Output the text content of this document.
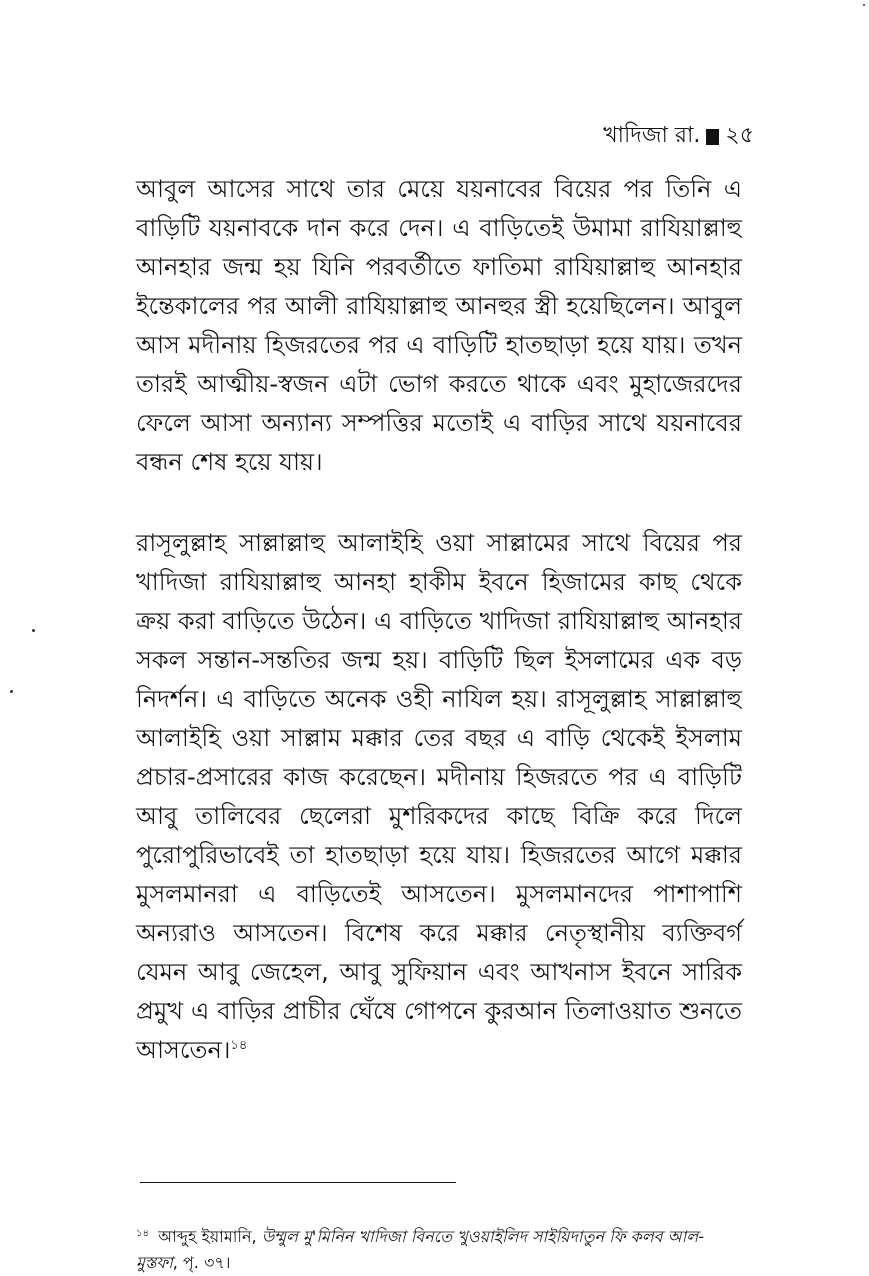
খাদিজা রা. ২৫

আবুল আসের সাথে তার মেয়ে যয়নাবের বিয়ের পর তিনি এ বাড়িটি যয়নাবকে দান করে দেন। এ বাড়িতেই উমামা রাযিয়াল্লাহু আনহার জন্ম হয় যিনি পরবর্তীতে ফাতিমা রাযিয়াল্লাহু আনহার ইন্তেকালের পর আলী রাযিয়াল্লাহু আনহুর স্ত্রী হয়েছিলেন। আবুল আস মদীনায় হিজরতের পর এ বাড়িটি হাতছাড়া হয়ে যায়। তখন তারই আত্মীয়-স্বজন এটা ভোগ করতে থাকে এবং মুহাজেরদের ফেলে আসা অন্যান্য সম্পত্তির মতোই এ বাড়ির সাথে যয়নাবের বন্ধন শেষ হয়ে যায়।

রাসূলুল্লাহ সাল্লাল্লাহু আলাইহি ওয়া সাল্লামের সাথে বিয়ের পর খাদিজা রাযিয়াল্লাহু আনহা হাকীম ইবনে হিজামের কাছ থেকে ক্রয় করা বাড়িতে উঠেন। এ বাড়িতে খাদিজা রাযিয়াল্লাহু আনহার সকল সন্তান-সন্ততির জন্ম হয়। বাড়িটি ছিল ইসলামের এক বড় নিদর্শন। এ বাড়িতে অনেক ওহী নাযিল হয়। রাসূলুল্লাহ সাল্লাল্লাহু আলাইহি ওয়া সাল্লাম মক্কার তের বছর এ বাড়ি থেকেই ইসলাম প্রচার-প্রসারের কাজ করেছেন। মদীনায় হিজরতে পর এ বাড়িটি আবু তালিবের ছেলেরা মুশরিকদের কাছে বিক্রি করে দিলে পুরোপুরিভাবেই তা হাতছাড়া হয়ে যায়। হিজরতের আগে মক্কার মুসলমানরা এ বাড়িতেই আসতেন। মুসলমানদের পাশাপাশি অন্যরাও আসতেন। বিশেষ করে মক্কার নেতৃস্থানীয় ব্যক্তিবর্গ যেমন আবু জেহেল, আবু সুফিয়ান এবং আখনাস ইবনে সারিক প্রমুখ এ বাড়ির প্রাচীর ঘেঁষে গোপনে কুরআন তিলাওয়াত শুনতে আসতেন।$^{১৪}$

$^{১৪}$ আব্দুহ ইয়ামানি, উম্মুল মু'মিনিন খাদিজা বিনতে খুওয়াইলিদ সাইয়িদাতুন ফি কলব আল-মুস্তফা, পৃ. ৩৭।
